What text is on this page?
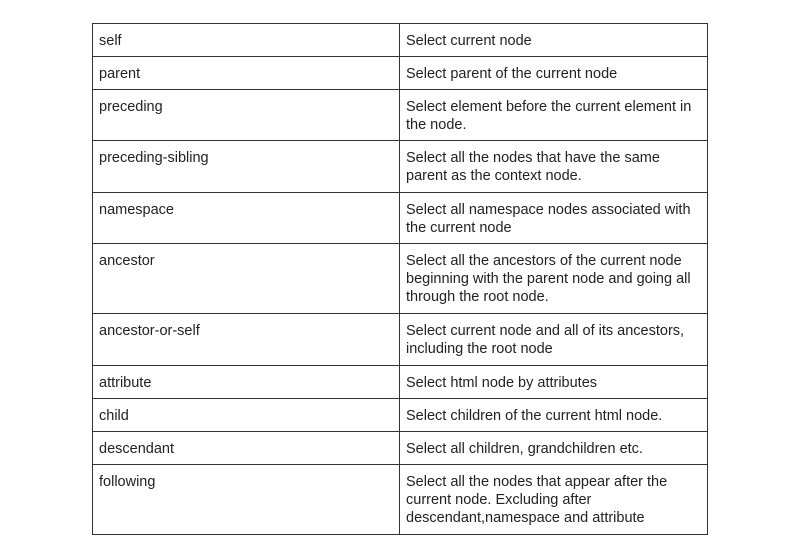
self	Select current node
parent	Select parent of the current node
preceding	Select element before the current element in the node.
preceding-sibling	Select all the nodes that have the same parent as the context node.
namespace	Select all namespace nodes associated with the current node
ancestor	Select all the ancestors of the current node beginning with the parent node and going all through the root node.
ancestor-or-self	Select current node and all of its ancestors, including the root node
attribute	Select html node by attributes
child	Select children of the current html node.
descendant	Select all children, grandchildren etc.
following	Select all the nodes that appear after the current node. Excluding after descendant,namespace and attribute
